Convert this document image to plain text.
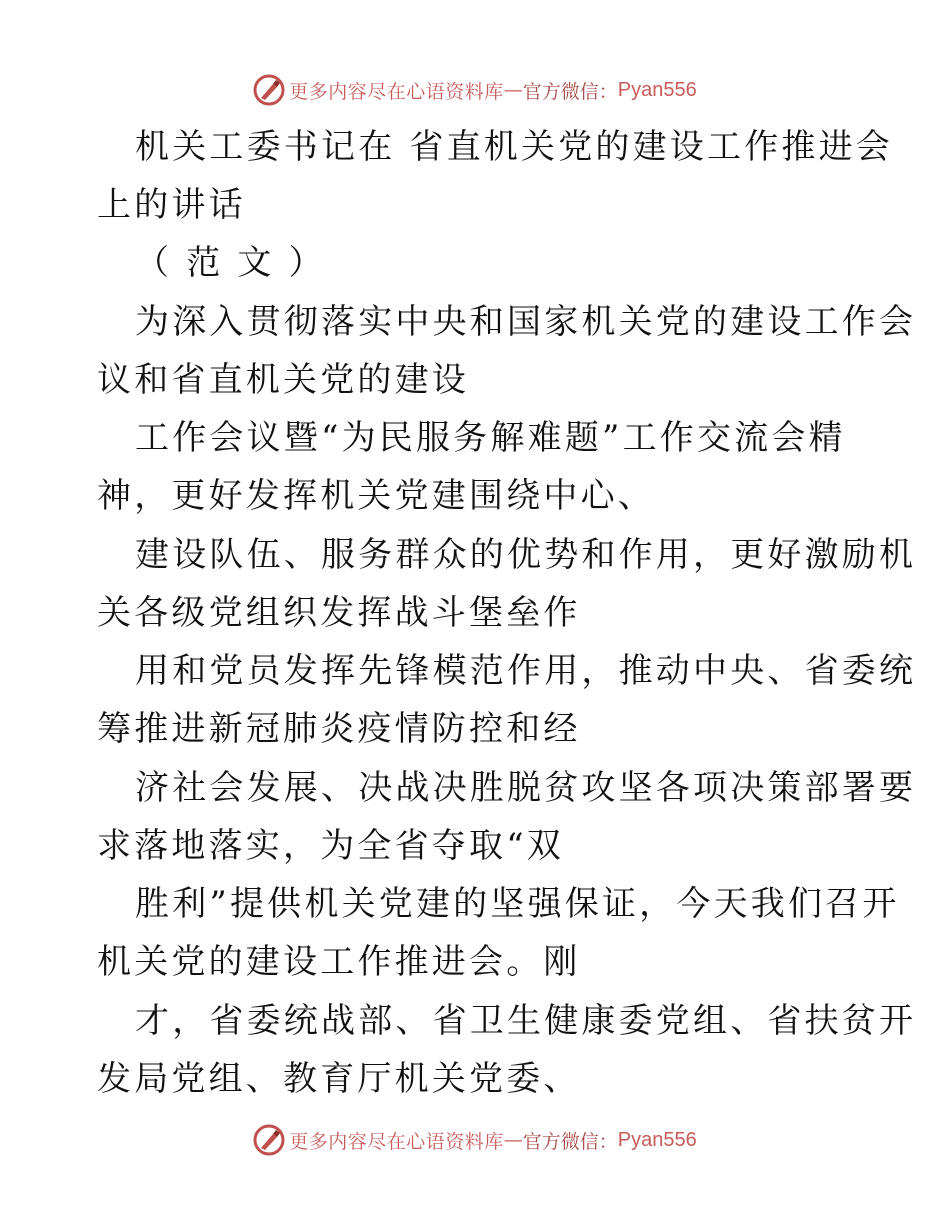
更多内容尽在心语资料库 — 官方微信： Pyan556
机关工委书记在 省直机关党的建设工作推进会
上的讲话
（ 范 文 ）
为深入贯彻落实中央和国家机关党的建设工作会
议和省直机关党的建设
工作会议暨“为民服务解难题”工作交流会精
神，更好发挥机关党建围绕中心、
建设队伍、服务群众的优势和作用，更好激励机
关各级党组织发挥战斗堡垒作
用和党员发挥先锋模范作用，推动中央、省委统
筹推进新冠肺炎疫情防控和经
济社会发展、决战决胜脱贫攻坚各项决策部署要
求落地落实，为全省夺取“双
胜利”提供机关党建的坚强保证，今天我们召开
机关党的建设工作推进会。刚
才，省委统战部、省卫生健康委党组、省扶贫开
发局党组、教育厅机关党委、
更多内容尽在心语资料库 — 官方微信： Pyan556
